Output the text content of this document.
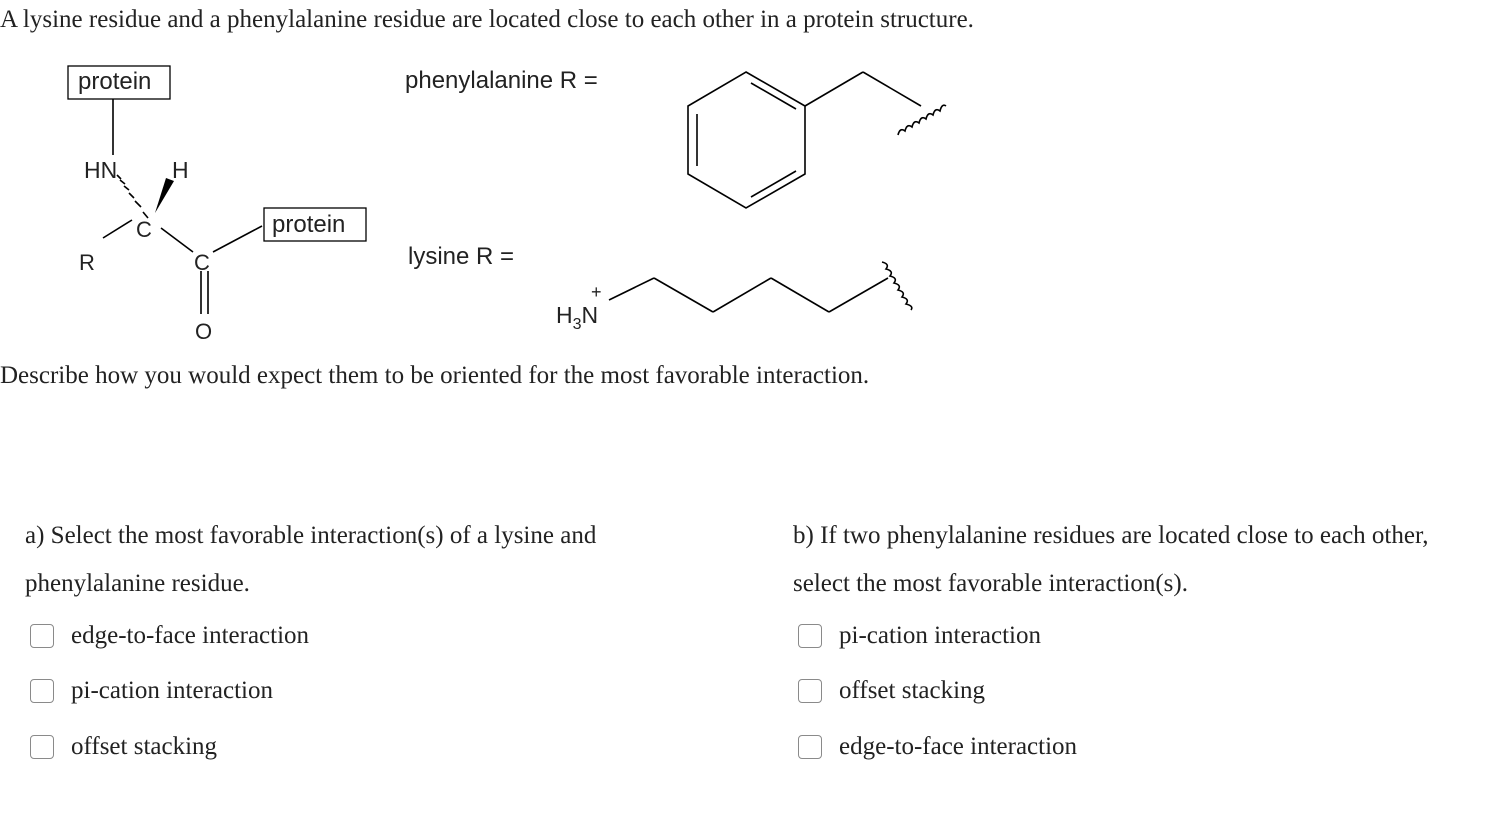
A lysine residue and a phenylalanine residue are located close to each other in a protein structure.
protein
HN H
C
R	C
O
protein
phenylalanine R =
lysine R =
$H_3N$
+
Describe how you would expect them to be oriented for the most favorable interaction.
a) Select the most favorable interaction(s) of a lysine and phenylalanine residue.
edge-to-face interaction
pi-cation interaction
offset stacking
b) If two phenylalanine residues are located close to each other, select the most favorable interaction(s).
pi-cation interaction
offset stacking
edge-to-face interaction
